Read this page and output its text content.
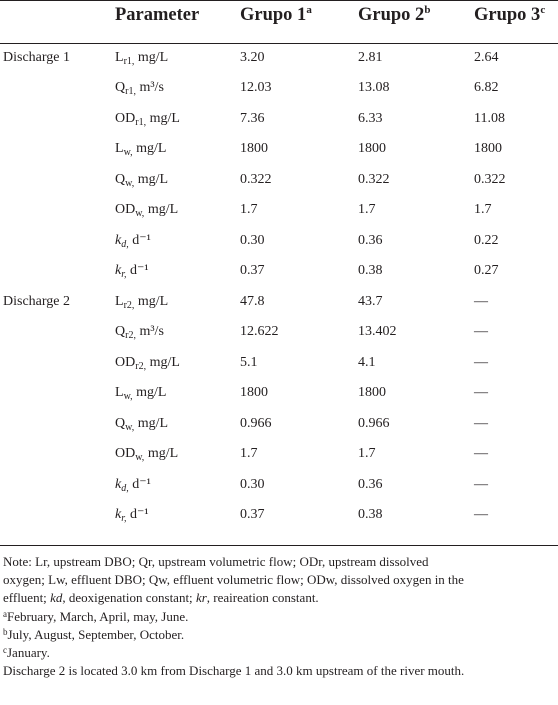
Parameter Grupo 1$^a$ Grupo 2$^b$ Grupo 3$^c$
Discharge 1	$L_{r1,}$ mg/L	3.20	2.81	2.64
$Q_{r1,}$ m³/s	12.03	13.08	6.82
$OD_{r1,}$ mg/L	7.36	6.33	11.08
$L_{w,}$ mg/L	1800	1800	1800
$Q_{w,}$ mg/L	0.322	0.322	0.322
$OD_{w,}$ mg/L	1.7	1.7	1.7
$k_{d,}$ d⁻¹	0.30	0.36	0.22
$k_{r,}$ d⁻¹	0.37	0.38	0.27
Discharge 2	$L_{r2,}$ mg/L	47.8	43.7	—
$Q_{r2,}$ m³/s	12.622	13.402	—
$OD_{r2,}$ mg/L	5.1	4.1	—
$L_{w,}$ mg/L	1800	1800	—
$Q_{w,}$ mg/L	0.966	0.966	—
$OD_{w,}$ mg/L	1.7	1.7	—
$k_{d,}$ d⁻¹	0.30	0.36	—
$k_{r,}$ d⁻¹	0.37	0.38	—

Note: Lr, upstream DBO; Qr, upstream volumetric flow; ODr, upstream dissolved

oxygen; Lw, effluent DBO; Qw, effluent volumetric flow; ODw, dissolved oxygen in the

effluent; kd, deoxigenation constant; kr, reaireation constant.

$^a$February, March, April, may, June.

$^b$July, August, September, October.

$^c$January.

Discharge 2 is located 3.0 km from Discharge 1 and 3.0 km upstream of the river mouth.
